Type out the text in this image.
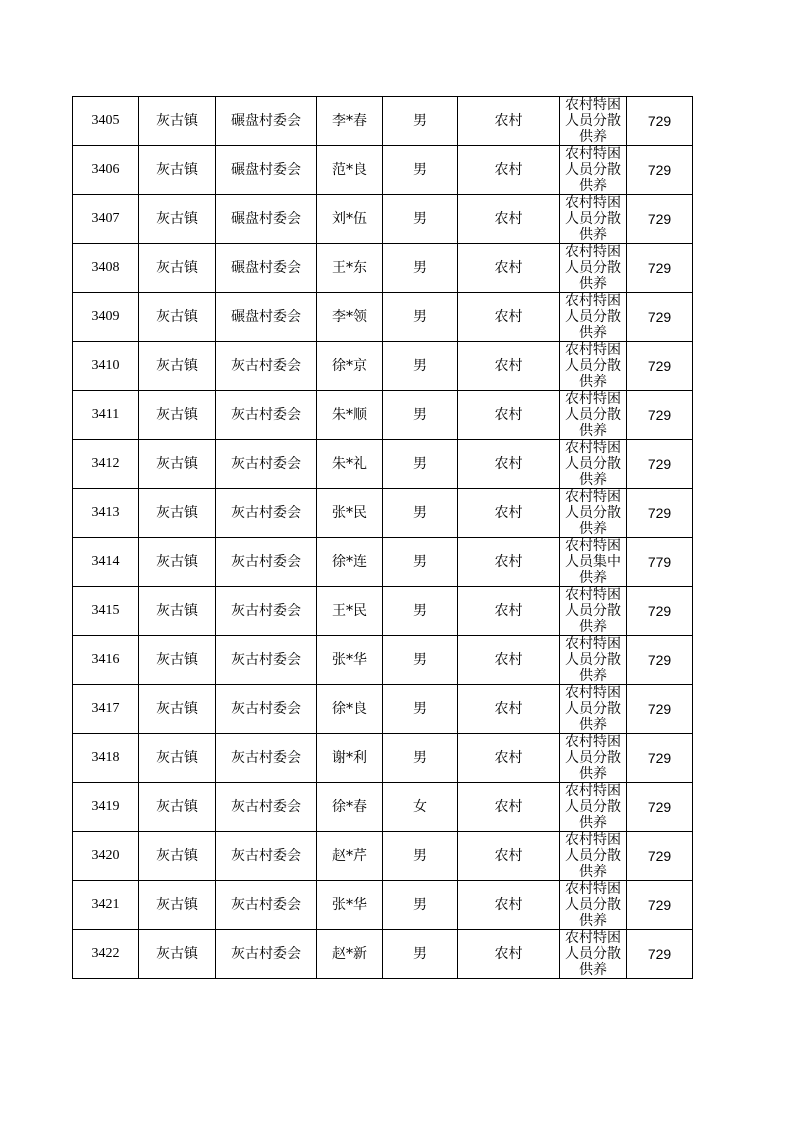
3405	灰古镇	碾盘村委会	李*春	男	农村	农村特困人员分散供养	729
3406	灰古镇	碾盘村委会	范*良	男	农村	农村特困人员分散供养	729
3407	灰古镇	碾盘村委会	刘*伍	男	农村	农村特困人员分散供养	729
3408	灰古镇	碾盘村委会	王*东	男	农村	农村特困人员分散供养	729
3409	灰古镇	碾盘村委会	李*领	男	农村	农村特困人员分散供养	729
3410	灰古镇	灰古村委会	徐*京	男	农村	农村特困人员分散供养	729
3411	灰古镇	灰古村委会	朱*顺	男	农村	农村特困人员分散供养	729
3412	灰古镇	灰古村委会	朱*礼	男	农村	农村特困人员分散供养	729
3413	灰古镇	灰古村委会	张*民	男	农村	农村特困人员分散供养	729
3414	灰古镇	灰古村委会	徐*连	男	农村	农村特困人员集中供养	779
3415	灰古镇	灰古村委会	王*民	男	农村	农村特困人员分散供养	729
3416	灰古镇	灰古村委会	张*华	男	农村	农村特困人员分散供养	729
3417	灰古镇	灰古村委会	徐*良	男	农村	农村特困人员分散供养	729
3418	灰古镇	灰古村委会	谢*利	男	农村	农村特困人员分散供养	729
3419	灰古镇	灰古村委会	徐*春	女	农村	农村特困人员分散供养	729
3420	灰古镇	灰古村委会	赵*芹	男	农村	农村特困人员分散供养	729
3421	灰古镇	灰古村委会	张*华	男	农村	农村特困人员分散供养	729
3422	灰古镇	灰古村委会	赵*新	男	农村	农村特困人员分散供养	729
